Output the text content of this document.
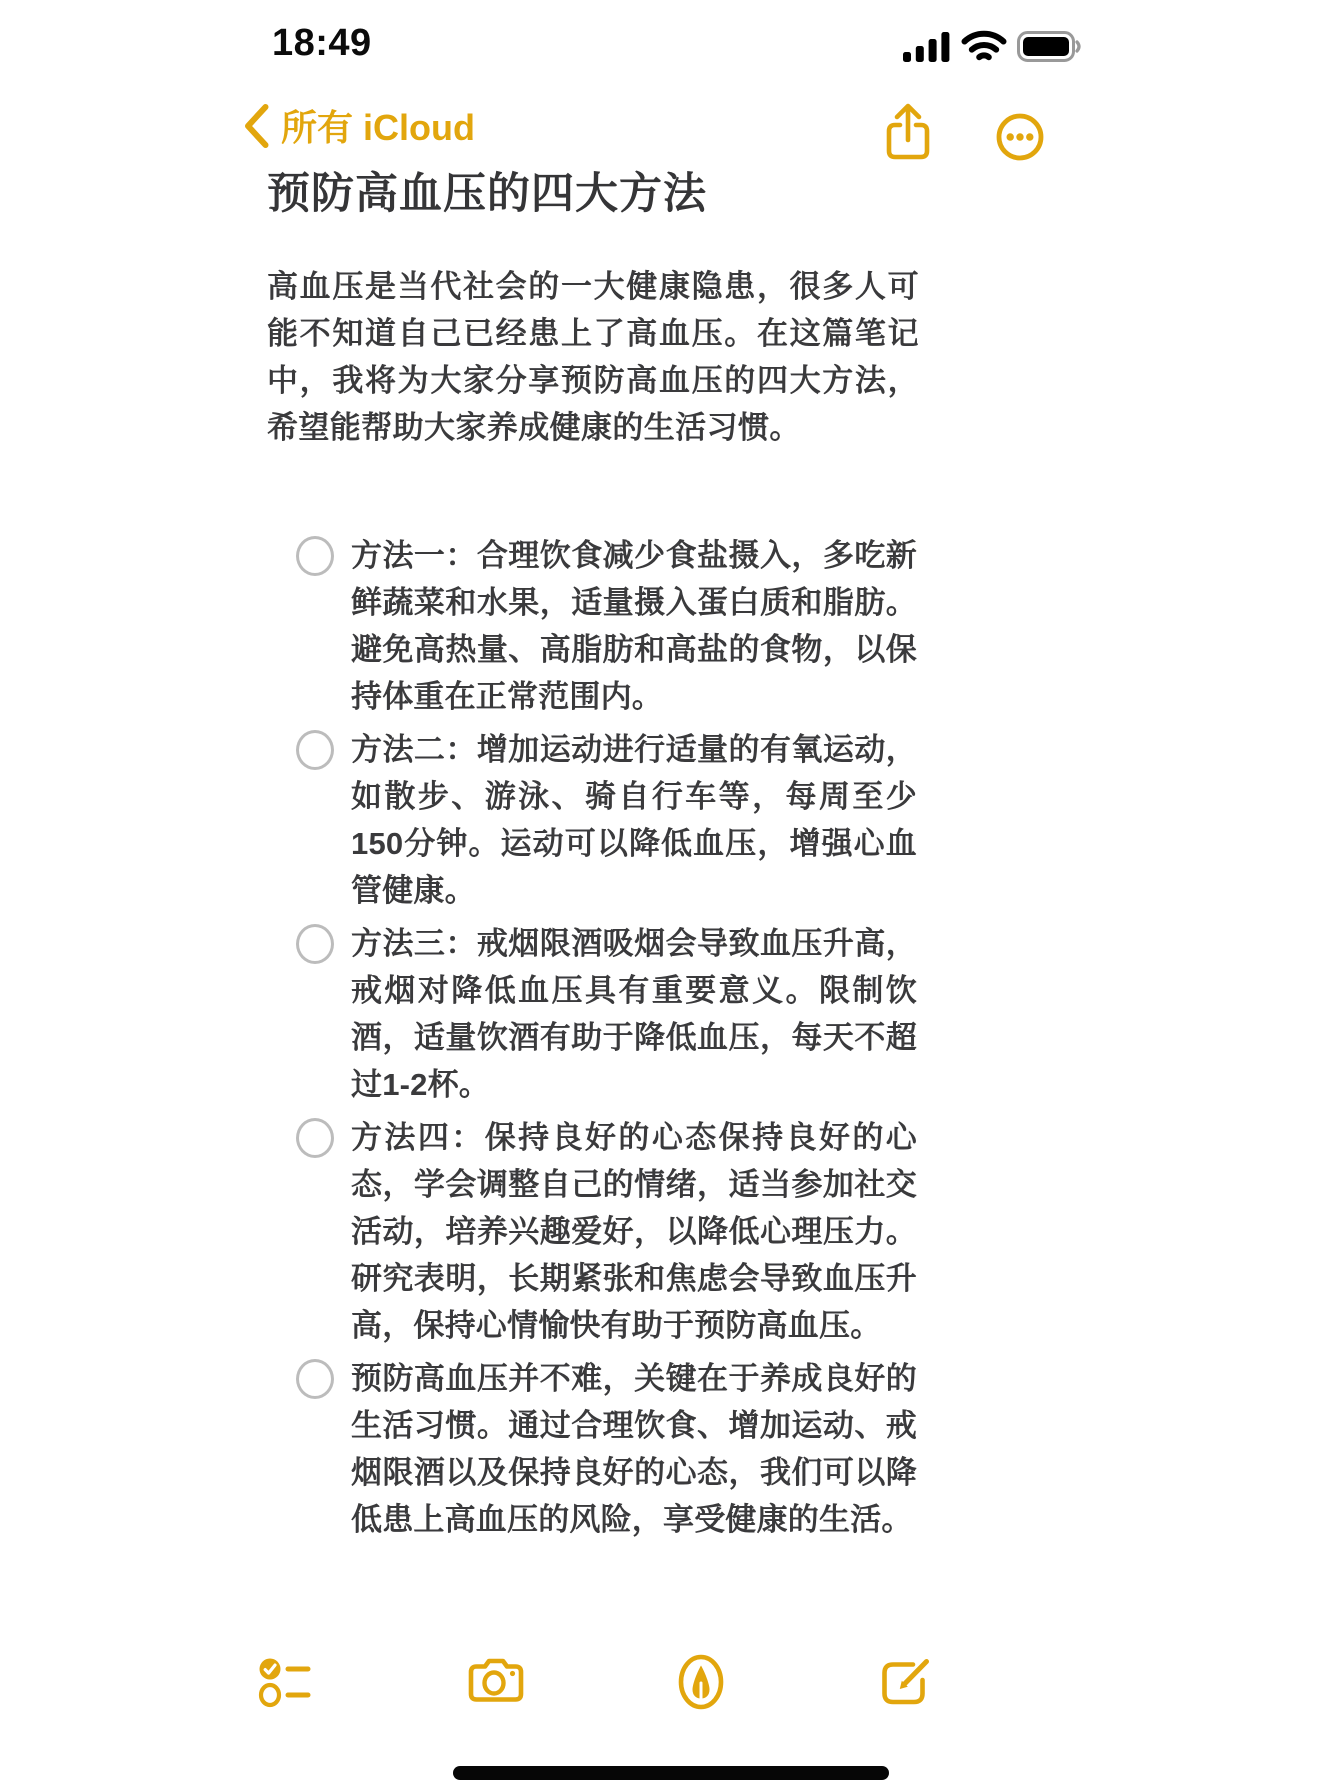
18:49
所有 iCloud
预防高血压的四大方法

高血压是当代社会的一大健康隐患，很多人可能不知道自己已经患上了高血压。在这篇笔记中，我将为大家分享预防高血压的四大方法，希望能帮助大家养成健康的生活习惯。

方法一：合理饮食减少食盐摄入，多吃新鲜蔬菜和水果，适量摄入蛋白质和脂肪。避免高热量、高脂肪和高盐的食物，以保持体重在正常范围内。
方法二：增加运动进行适量的有氧运动，如散步、游泳、骑自行车等，每周至少150分钟。运动可以降低血压，增强心血管健康。
方法三：戒烟限酒吸烟会导致血压升高，戒烟对降低血压具有重要意义。限制饮酒，适量饮酒有助于降低血压，每天不超过1-2杯。
方法四：保持良好的心态保持良好的心态，学会调整自己的情绪，适当参加社交活动，培养兴趣爱好，以降低心理压力。研究表明，长期紧张和焦虑会导致血压升高，保持心情愉快有助于预防高血压。
预防高血压并不难，关键在于养成良好的生活习惯。通过合理饮食、增加运动、戒烟限酒以及保持良好的心态，我们可以降低患上高血压的风险，享受健康的生活。
